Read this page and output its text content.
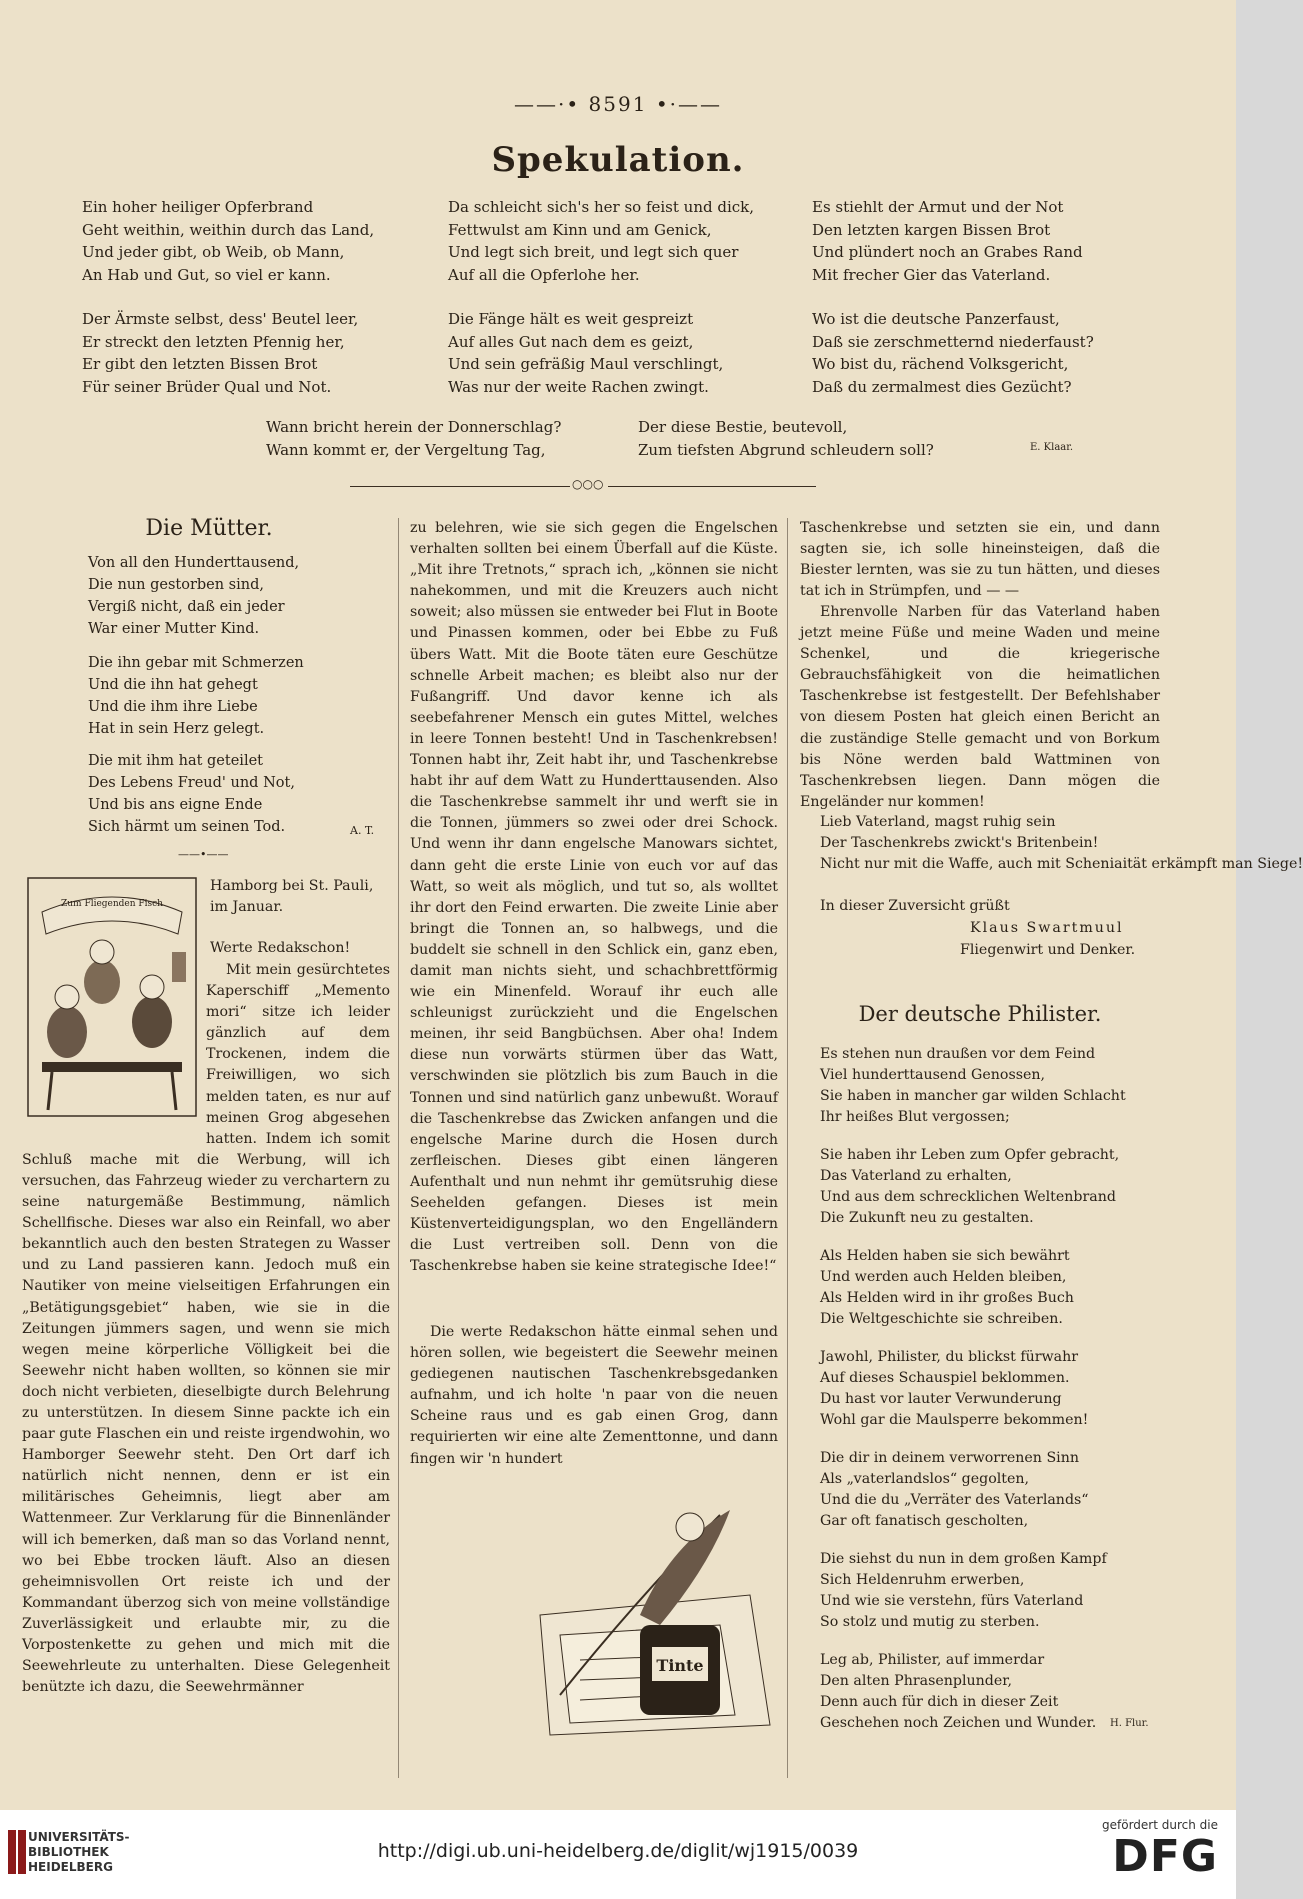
——·• 8591 •·——
Spekulation.
Ein hoher heiliger Opferbrand
Geht weithin, weithin durch das Land,
Und jeder gibt, ob Weib, ob Mann,
An Hab und Gut, so viel er kann.
Der Ärmste selbst, dess' Beutel leer,
Er streckt den letzten Pfennig her,
Er gibt den letzten Bissen Brot
Für seiner Brüder Qual und Not.
Da schleicht sich's her so feist und dick,
Fettwulst am Kinn und am Genick,
Und legt sich breit, und legt sich quer
Auf all die Opferlohe her.
Die Fänge hält es weit gespreizt
Auf alles Gut nach dem es geizt,
Und sein gefräßig Maul verschlingt,
Was nur der weite Rachen zwingt.
Es stiehlt der Armut und der Not
Den letzten kargen Bissen Brot
Und plündert noch an Grabes Rand
Mit frecher Gier das Vaterland.
Wo ist die deutsche Panzerfaust,
Daß sie zerschmetternd niederfaust?
Wo bist du, rächend Volksgericht,
Daß du zermalmest dies Gezücht?
Wann bricht herein der Donnerschlag?
Wann kommt er, der Vergeltung Tag,
Der diese Bestie, beutevoll,
Zum tiefsten Abgrund schleudern soll?	E. Klaar.
○○○
Die Mütter.
Von all den Hunderttausend,
Die nun gestorben sind,
Vergiß nicht, daß ein jeder
War einer Mutter Kind.
Die ihn gebar mit Schmerzen
Und die ihn hat gehegt
Und die ihm ihre Liebe
Hat in sein Herz gelegt.
Die mit ihm hat geteilet
Des Lebens Freud' und Not,
Und bis ans eigne Ende
Sich härmt um seinen Tod.	A. T.
——•——
Zum Fliegenden Fisch
Hamborg bei St. Pauli, im Januar.
Werte Redakschon!

Mit mein gesürchtetes Kaperschiff „Memento mori“ sitze ich leider gänzlich auf dem Trockenen, indem die Freiwilligen, wo sich melden taten, es nur auf meinen Grog abgesehen hatten. Indem ich somit Schluß mache mit die Werbung, will ich versuchen, das Fahrzeug wieder zu verchartern zu seine naturgemäße Bestimmung, nämlich Schellfische. Dieses war also ein Reinfall, wo aber bekanntlich auch den besten Strategen zu Wasser und zu Land passieren kann. Jedoch muß ein Nautiker von meine vielseitigen Erfahrungen ein „Betätigungsgebiet“ haben, wie sie in die Zeitungen jümmers sagen, und wenn sie mich wegen meine körperliche Völligkeit bei die Seewehr nicht haben wollten, so können sie mir doch nicht verbieten, dieselbigte durch Belehrung zu unterstützen. In diesem Sinne packte ich ein paar gute Flaschen ein und reiste irgendwohin, wo Hamborger Seewehr steht. Den Ort darf ich natürlich nicht nennen, denn er ist ein militärisches Geheimnis, liegt aber am Wattenmeer. Zur Verklarung für die Binnenländer will ich bemerken, daß man so das Vorland nennt, wo bei Ebbe trocken läuft. Also an diesen geheimnisvollen Ort reiste ich und der Kommandant überzog sich von meine vollständige Zuverlässigkeit und erlaubte mir, zu die Vorpostenkette zu gehen und mich mit die Seewehrleute zu unterhalten. Diese Gelegenheit benützte ich dazu, die Seewehrmänner

zu belehren, wie sie sich gegen die Engelschen verhalten sollten bei einem Überfall auf die Küste. „Mit ihre Tretnots,“ sprach ich, „können sie nicht nahekommen, und mit die Kreuzers auch nicht soweit; also müssen sie entweder bei Flut in Boote und Pinassen kommen, oder bei Ebbe zu Fuß übers Watt. Mit die Boote täten eure Geschütze schnelle Arbeit machen; es bleibt also nur der Fußangriff. Und davor kenne ich als seebefahrener Mensch ein gutes Mittel, welches in leere Tonnen besteht! Und in Taschenkrebsen! Tonnen habt ihr, Zeit habt ihr, und Taschenkrebse habt ihr auf dem Watt zu Hunderttausenden. Also die Taschenkrebse sammelt ihr und werft sie in die Tonnen, jümmers so zwei oder drei Schock. Und wenn ihr dann engelsche Manowars sichtet, dann geht die erste Linie von euch vor auf das Watt, so weit als möglich, und tut so, als wolltet ihr dort den Feind erwarten. Die zweite Linie aber bringt die Tonnen an, so halbwegs, und die buddelt sie schnell in den Schlick ein, ganz eben, damit man nichts sieht, und schachbrettförmig wie ein Minenfeld. Worauf ihr euch alle schleunigst zurückzieht und die Engelschen meinen, ihr seid Bangbüchsen. Aber oha! Indem diese nun vorwärts stürmen über das Watt, verschwinden sie plötzlich bis zum Bauch in die Tonnen und sind natürlich ganz unbewußt. Worauf die Taschenkrebse das Zwicken anfangen und die engelsche Marine durch die Hosen durch zerfleischen. Dieses gibt einen längeren Aufenthalt und nun nehmt ihr gemütsruhig diese Seehelden gefangen. Dieses ist mein Küstenverteidigungsplan, wo den Engelländern die Lust vertreiben soll. Denn von die Taschenkrebse haben sie keine strategische Idee!“
Die werte Redakschon hätte einmal sehen und hören sollen, wie begeistert die Seewehr meinen gediegenen nautischen Taschenkrebsgedanken aufnahm, und ich holte 'n paar von die neuen Scheine raus und es gab einen Grog, dann requirierten wir eine alte Zementtonne, und dann fingen wir 'n hundert
Tinte
Taschenkrebse und setzten sie ein, und dann sagten sie, ich solle hineinsteigen, daß die Biester lernten, was sie zu tun hätten, und dieses tat ich in Strümpfen, und — —
Ehrenvolle Narben für das Vaterland haben jetzt meine Füße und meine Waden und meine Schenkel, und die kriegerische Gebrauchsfähigkeit von die heimatlichen Taschenkrebse ist festgestellt. Der Befehlshaber von diesem Posten hat gleich einen Bericht an die zuständige Stelle gemacht und von Borkum bis Nöne werden bald Wattminen von Taschenkrebsen liegen. Dann mögen die Engeländer nur kommen!
Lieb Vaterland, magst ruhig sein
Der Taschenkrebs zwickt's Britenbein!
Nicht nur mit die Waffe, auch mit Scheniaität erkämpft man Siege!
In dieser Zuversicht grüßt
Klaus Swartmuul
Fliegenwirt und Denker.
Der deutsche Philister.
Es stehen nun draußen vor dem Feind
Viel hunderttausend Genossen,
Sie haben in mancher gar wilden Schlacht
Ihr heißes Blut vergossen;
Sie haben ihr Leben zum Opfer gebracht,
Das Vaterland zu erhalten,
Und aus dem schrecklichen Weltenbrand
Die Zukunft neu zu gestalten.
Als Helden haben sie sich bewährt
Und werden auch Helden bleiben,
Als Helden wird in ihr großes Buch
Die Weltgeschichte sie schreiben.
Jawohl, Philister, du blickst fürwahr
Auf dieses Schauspiel beklommen.
Du hast vor lauter Verwunderung
Wohl gar die Maulsperre bekommen!
Die dir in deinem verworrenen Sinn
Als „vaterlandslos“ gegolten,
Und die du „Verräter des Vaterlands“
Gar oft fanatisch gescholten,
Die siehst du nun in dem großen Kampf
Sich Heldenruhm erwerben,
Und wie sie verstehn, fürs Vaterland
So stolz und mutig zu sterben.
Leg ab, Philister, auf immerdar
Den alten Phrasenplunder,
Denn auch für dich in dieser Zeit
Geschehen noch Zeichen und Wunder. H. Flur.
UNIVERSITÄTS-
BIBLIOTHEK
HEIDELBERG
http://digi.ub.uni-heidelberg.de/diglit/wj1915/0039
gefördert durch die
DFG
